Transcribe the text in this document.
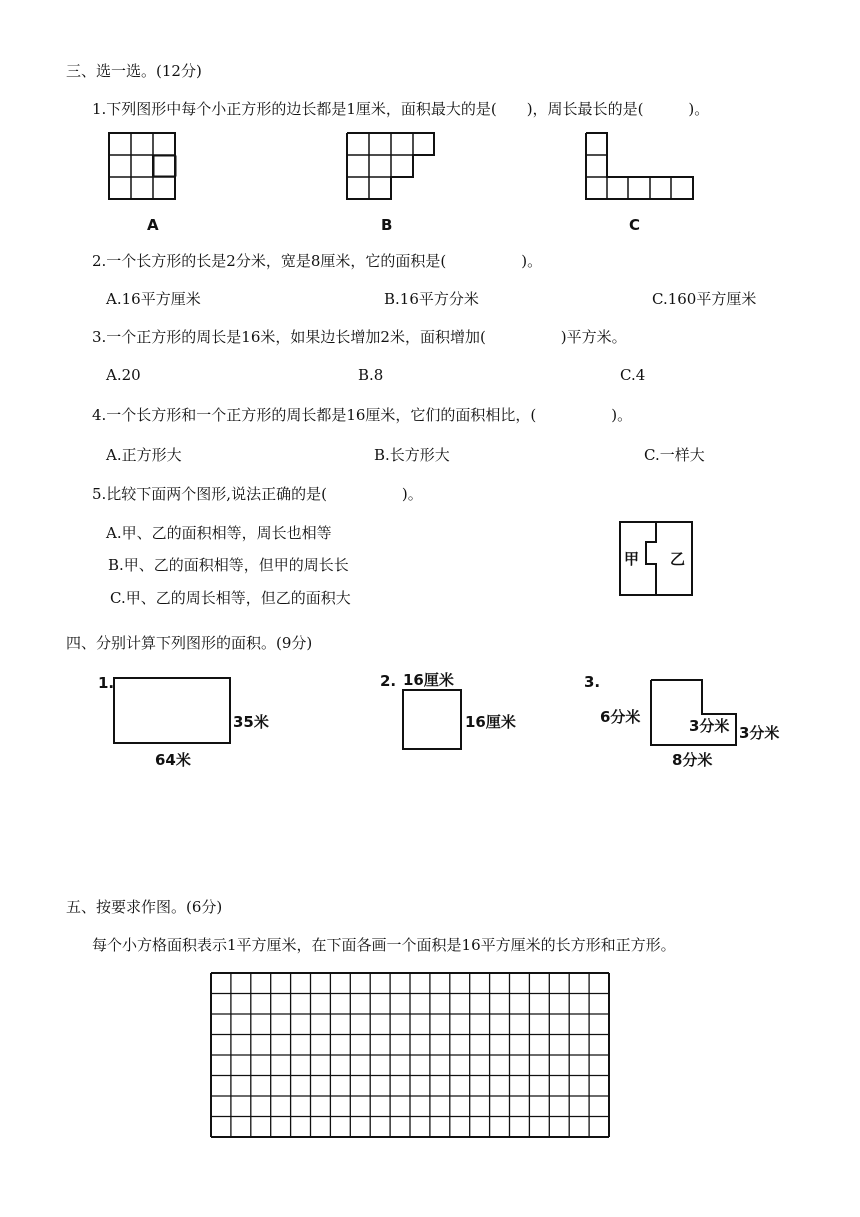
三、选一选。(12分)
1.下列图形中每个小正方形的边长都是1厘米，面积最大的是(　　)，周长最长的是(　　　)。
A	B	C
2.一个长方形的长是2分米，宽是8厘米，它的面积是(　　　　　)。
A.16平方厘米	B.16平方分米	C.160平方厘米
3.一个正方形的周长是16米，如果边长增加2米，面积增加(　　　　　)平方米。
A.20	B.8	C.4
4.一个长方形和一个正方形的周长都是16厘米，它们的面积相比，(　　　　　)。
A.正方形大	B.长方形大	C.一样大
5.比较下面两个图形,说法正确的是(　　　　　)。
A.甲、乙的面积相等，周长也相等
B.甲、乙的面积相等，但甲的周长长
C.甲、乙的周长相等，但乙的面积大
甲 乙
四、分别计算下列图形的面积。(9分)
1.
35米
64米
2. 16厘米
16厘米
3.
6分米	3分米 3分米
8分米
五、按要求作图。(6分)
每个小方格面积表示1平方厘米，在下面各画一个面积是16平方厘米的长方形和正方形。
